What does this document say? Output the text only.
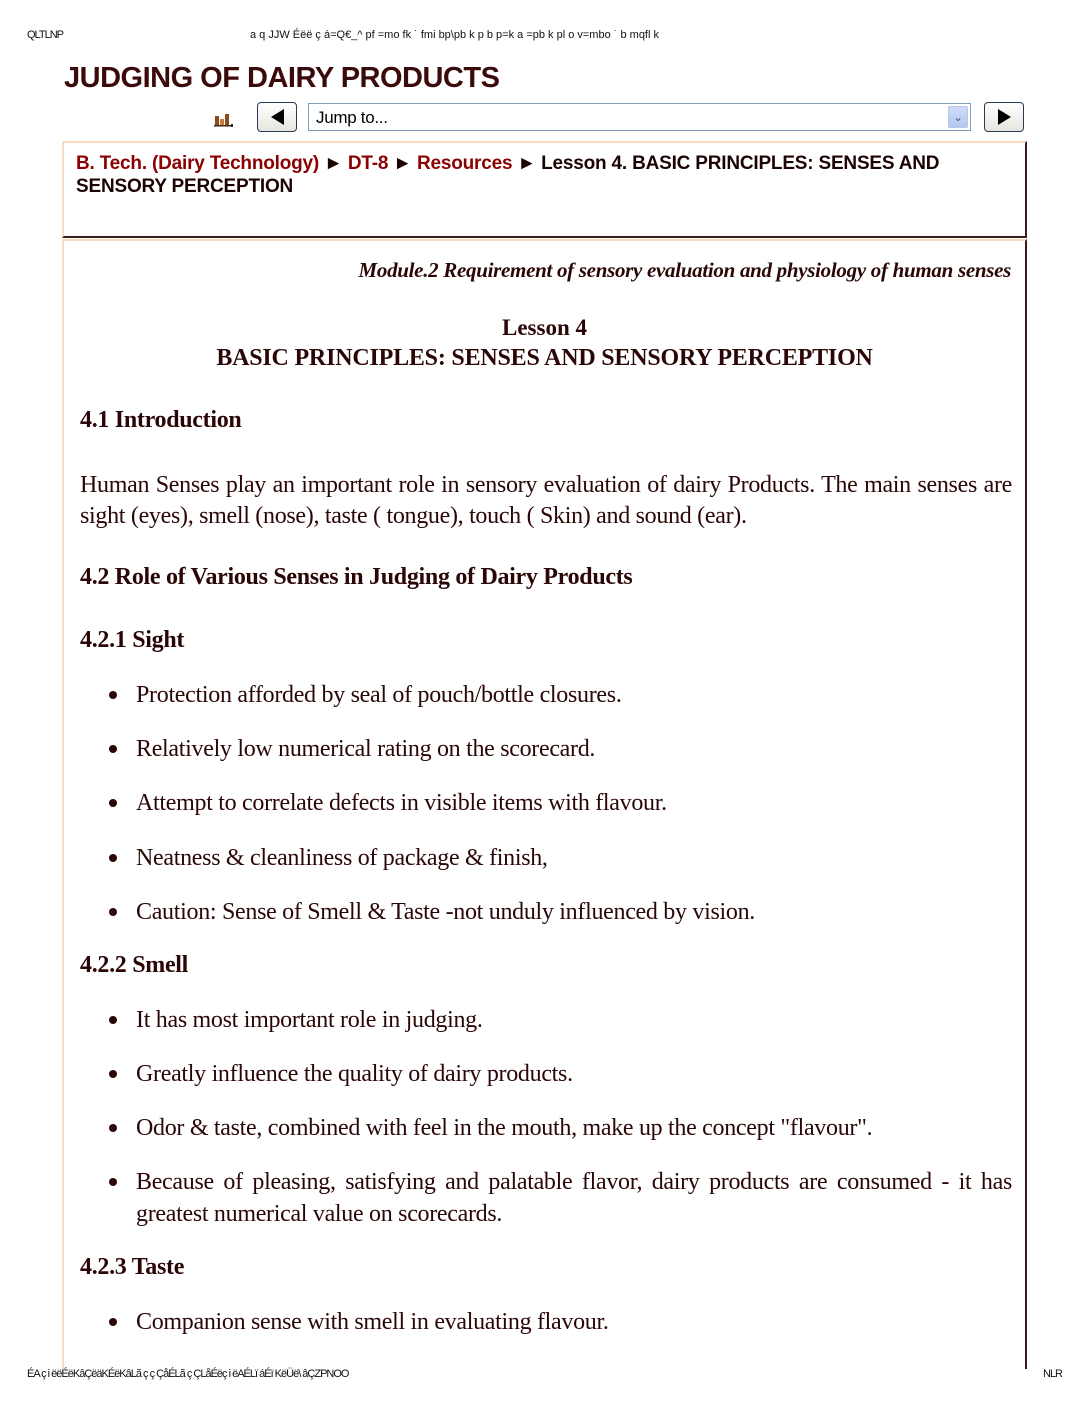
QLTLNP	a q JJW Éëë ç á=Q€_^ pf =mo fk ˙ fmi bp\pb k p b p=k a =pb k pl o v=mbo ˙ b mqfl k
JUDGING OF DAIRY PRODUCTS
Jump to...	⌄
B. Tech. (Dairy Technology) ► DT-8 ► Resources ► Lesson 4. BASIC PRINCIPLES: SENSES AND SENSORY PERCEPTION
Module.2 Requirement of sensory evaluation and physiology of human senses
Lesson 4
BASIC PRINCIPLES: SENSES AND SENSORY PERCEPTION
4.1 Introduction

Human Senses play an important role in sensory evaluation of dairy Products. The main senses are sight (eyes), smell (nose), taste ( tongue), touch ( Skin) and sound (ear).

4.2 Role of Various Senses in Judging of Dairy Products
4.2.1 Sight
Protection afforded by seal of pouch/bottle closures.
Relatively low numerical rating on the scorecard.
Attempt to correlate defects in visible items with flavour.
Neatness & cleanliness of package & finish,
Caution: Sense of Smell & Taste -not unduly influenced by vision.
4.2.2 Smell
It has most important role in judging.
Greatly influence the quality of dairy products.
Odor & taste, combined with feel in the mouth, make up the concept "flavour".
Because of pleasing, satisfying and palatable flavor, dairy products are consumed - it has greatest numerical value on scorecards.
4.2.3 Taste
Companion sense with smell in evaluating flavour.
ÉA ç i ëëÉëKâÇëäKÉëKâLã ç ç ÇåÉLã ç ÇLåÉëç i ëAÉLï áÉï KëÜë\ âÇZPNOO	NLR
